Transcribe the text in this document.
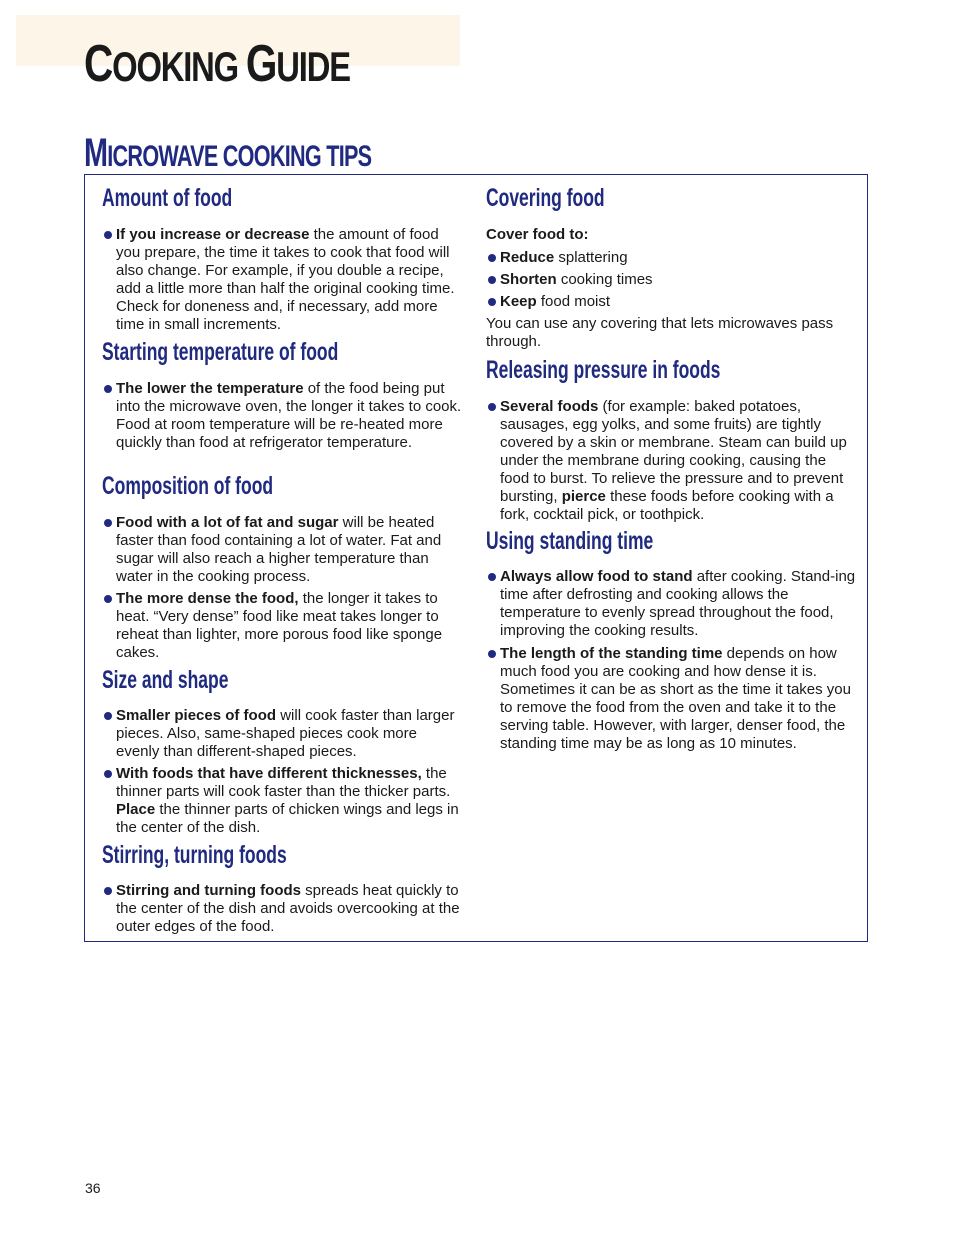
COOKING GUIDE
MICROWAVE COOKING TIPS
Amount of food
If you increase or decrease the amount of food you prepare, the time it takes to cook that food will also change. For example, if you double a recipe, add a little more than half the original cooking time. Check for doneness and, if necessary, add more time in small increments.
Starting temperature of food
The lower the temperature of the food being put into the microwave oven, the longer it takes to cook. Food at room temperature will be re-heated more quickly than food at refrigerator temperature.
Composition of food
Food with a lot of fat and sugar will be heated faster than food containing a lot of water. Fat and sugar will also reach a higher temperature than water in the cooking process.
The more dense the food, the longer it takes to heat. “Very dense” food like meat takes longer to reheat than lighter, more porous food like sponge cakes.
Size and shape
Smaller pieces of food will cook faster than larger pieces. Also, same-shaped pieces cook more evenly than different-shaped pieces.
With foods that have different thicknesses, the thinner parts will cook faster than the thicker parts. Place the thinner parts of chicken wings and legs in the center of the dish.
Stirring, turning foods
Stirring and turning foods spreads heat quickly to the center of the dish and avoids overcooking at the outer edges of the food.
Covering food

Cover food to:

Reduce splattering
Shorten cooking times
Keep food moist

You can use any covering that lets microwaves pass through.

Releasing pressure in foods
Several foods (for example: baked potatoes, sausages, egg yolks, and some fruits) are tightly covered by a skin or membrane. Steam can build up under the membrane during cooking, causing the food to burst. To relieve the pressure and to prevent bursting, pierce these foods before cooking with a fork, cocktail pick, or toothpick.
Using standing time
Always allow food to stand after cooking. Stand-ing time after defrosting and cooking allows the temperature to evenly spread throughout the food, improving the cooking results.
The length of the standing time depends on how much food you are cooking and how dense it is. Sometimes it can be as short as the time it takes you to remove the food from the oven and take it to the serving table. However, with larger, denser food, the standing time may be as long as 10 minutes.
36
